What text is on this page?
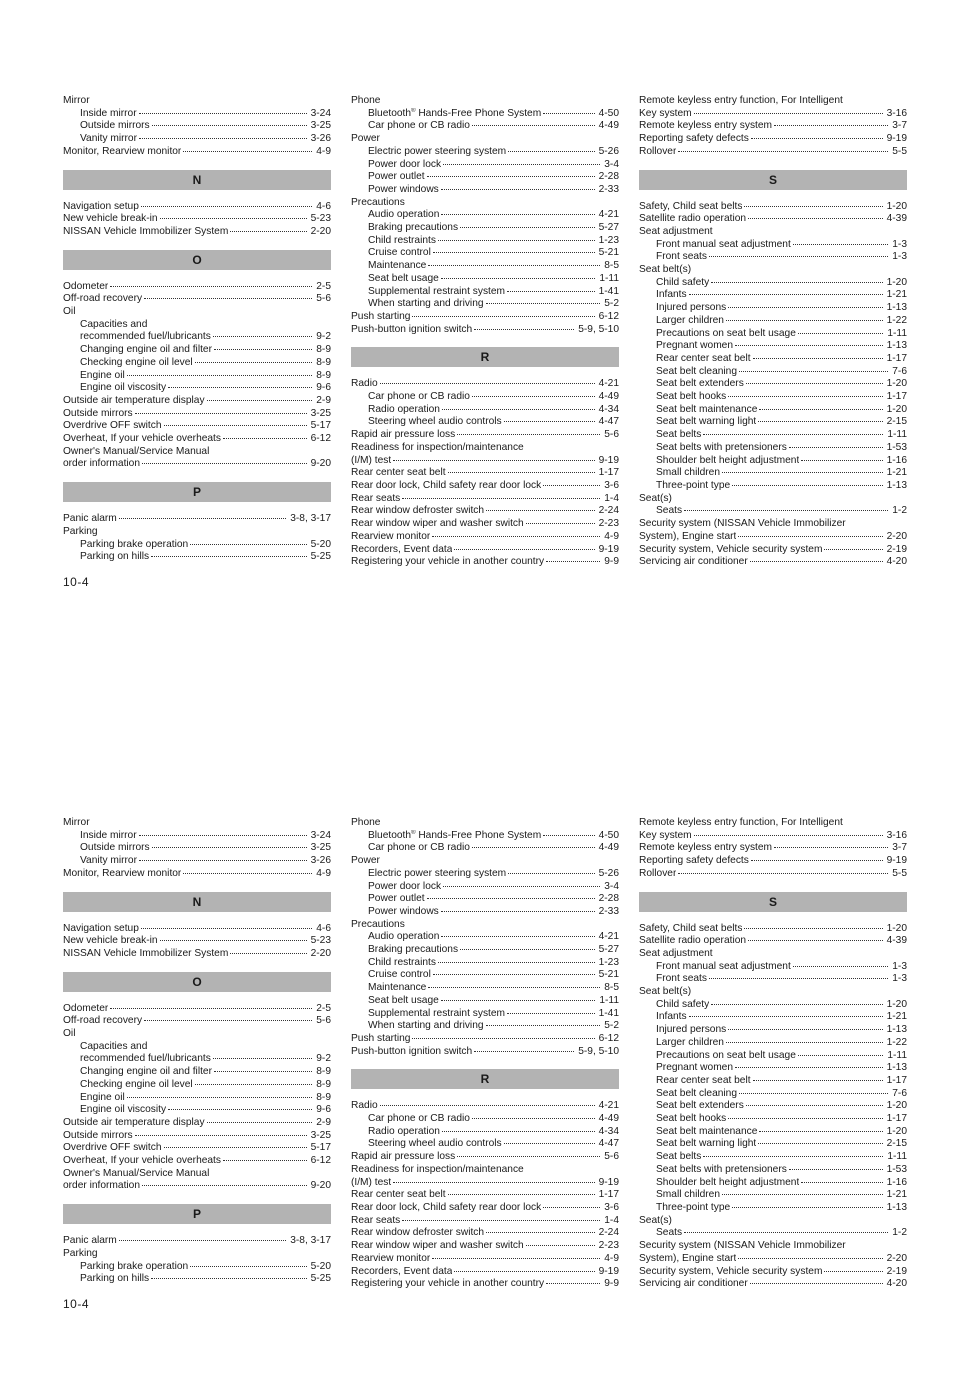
Mirror
Inside mirror	3-24
Outside mirrors	3-25
Vanity mirror	3-26
Monitor, Rearview monitor	4-9
N
Navigation setup	4-6
New vehicle break-in	5-23
NISSAN Vehicle Immobilizer System	2-20
O
Odometer	2-5
Off-road recovery	5-6
Oil
Capacities and
recommended fuel/lubricants	9-2
Changing engine oil and filter	8-9
Checking engine oil level	8-9
Engine oil	8-9
Engine oil viscosity	9-6
Outside air temperature display	2-9
Outside mirrors	3-25
Overdrive OFF switch	5-17
Overheat, If your vehicle overheats	6-12
Owner's Manual/Service Manual
order information	9-20
P
Panic alarm	3-8, 3-17
Parking
Parking brake operation	5-20
Parking on hills	5-25
Phone
Bluetooth® Hands-Free Phone System	4-50
Car phone or CB radio	4-49
Power
Electric power steering system	5-26
Power door lock	3-4
Power outlet	2-28
Power windows	2-33
Precautions
Audio operation	4-21
Braking precautions	5-27
Child restraints	1-23
Cruise control	5-21
Maintenance	8-5
Seat belt usage	1-11
Supplemental restraint system	1-41
When starting and driving	5-2
Push starting	6-12
Push-button ignition switch	5-9, 5-10
R
Radio	4-21
Car phone or CB radio	4-49
Radio operation	4-34
Steering wheel audio controls	4-47
Rapid air pressure loss	5-6
Readiness for inspection/maintenance
(I/M) test	9-19
Rear center seat belt	1-17
Rear door lock, Child safety rear door lock	3-6
Rear seats	1-4
Rear window defroster switch	2-24
Rear window wiper and washer switch	2-23
Rearview monitor	4-9
Recorders, Event data	9-19
Registering your vehicle in another country	9-9
Remote keyless entry function, For Intelligent
Key system	3-16
Remote keyless entry system	3-7
Reporting safety defects	9-19
Rollover	5-5
S
Safety, Child seat belts	1-20
Satellite radio operation	4-39
Seat adjustment
Front manual seat adjustment	1-3
Front seats	1-3
Seat belt(s)
Child safety	1-20
Infants	1-21
Injured persons	1-13
Larger children	1-22
Precautions on seat belt usage	1-11
Pregnant women	1-13
Rear center seat belt	1-17
Seat belt cleaning	7-6
Seat belt extenders	1-20
Seat belt hooks	1-17
Seat belt maintenance	1-20
Seat belt warning light	2-15
Seat belts	1-11
Seat belts with pretensioners	1-53
Shoulder belt height adjustment	1-16
Small children	1-21
Three-point type	1-13
Seat(s)
Seats	1-2
Security system (NISSAN Vehicle Immobilizer
System), Engine start	2-20
Security system, Vehicle security system	2-19
Servicing air conditioner	4-20
10-4
Mirror
Inside mirror	3-24
Outside mirrors	3-25
Vanity mirror	3-26
Monitor, Rearview monitor	4-9
N
Navigation setup	4-6
New vehicle break-in	5-23
NISSAN Vehicle Immobilizer System	2-20
O
Odometer	2-5
Off-road recovery	5-6
Oil
Capacities and
recommended fuel/lubricants	9-2
Changing engine oil and filter	8-9
Checking engine oil level	8-9
Engine oil	8-9
Engine oil viscosity	9-6
Outside air temperature display	2-9
Outside mirrors	3-25
Overdrive OFF switch	5-17
Overheat, If your vehicle overheats	6-12
Owner's Manual/Service Manual
order information	9-20
P
Panic alarm	3-8, 3-17
Parking
Parking brake operation	5-20
Parking on hills	5-25
Phone
Bluetooth® Hands-Free Phone System	4-50
Car phone or CB radio	4-49
Power
Electric power steering system	5-26
Power door lock	3-4
Power outlet	2-28
Power windows	2-33
Precautions
Audio operation	4-21
Braking precautions	5-27
Child restraints	1-23
Cruise control	5-21
Maintenance	8-5
Seat belt usage	1-11
Supplemental restraint system	1-41
When starting and driving	5-2
Push starting	6-12
Push-button ignition switch	5-9, 5-10
R
Radio	4-21
Car phone or CB radio	4-49
Radio operation	4-34
Steering wheel audio controls	4-47
Rapid air pressure loss	5-6
Readiness for inspection/maintenance
(I/M) test	9-19
Rear center seat belt	1-17
Rear door lock, Child safety rear door lock	3-6
Rear seats	1-4
Rear window defroster switch	2-24
Rear window wiper and washer switch	2-23
Rearview monitor	4-9
Recorders, Event data	9-19
Registering your vehicle in another country	9-9
Remote keyless entry function, For Intelligent
Key system	3-16
Remote keyless entry system	3-7
Reporting safety defects	9-19
Rollover	5-5
S
Safety, Child seat belts	1-20
Satellite radio operation	4-39
Seat adjustment
Front manual seat adjustment	1-3
Front seats	1-3
Seat belt(s)
Child safety	1-20
Infants	1-21
Injured persons	1-13
Larger children	1-22
Precautions on seat belt usage	1-11
Pregnant women	1-13
Rear center seat belt	1-17
Seat belt cleaning	7-6
Seat belt extenders	1-20
Seat belt hooks	1-17
Seat belt maintenance	1-20
Seat belt warning light	2-15
Seat belts	1-11
Seat belts with pretensioners	1-53
Shoulder belt height adjustment	1-16
Small children	1-21
Three-point type	1-13
Seat(s)
Seats	1-2
Security system (NISSAN Vehicle Immobilizer
System), Engine start	2-20
Security system, Vehicle security system	2-19
Servicing air conditioner	4-20
10-4
